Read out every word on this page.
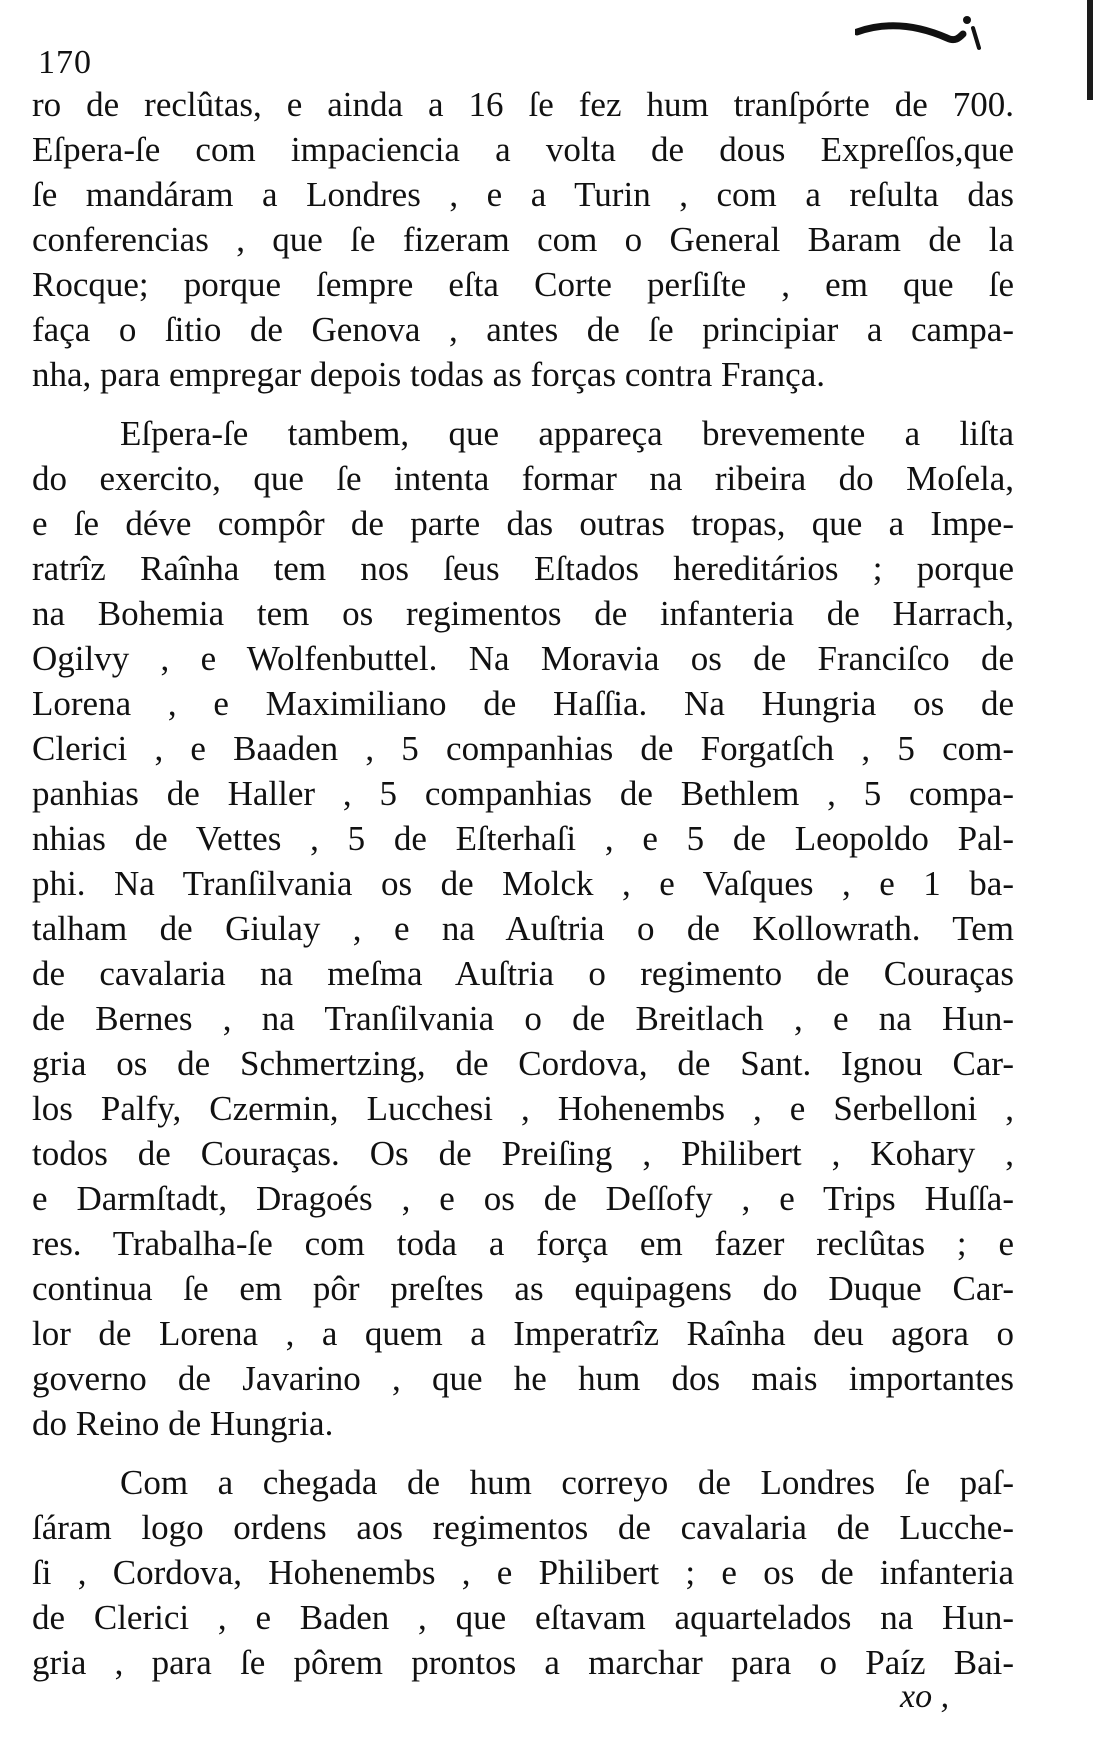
170
ro de reclûtas, e ainda a 16 ſe fez hum tranſpórte de 700.
Eſpera-ſe com impaciencia a volta de dous Expreſſos,que
ſe mandáram a Londres , e a Turin , com a reſulta das
conferencias , que ſe fizeram com o General Baram de la
Rocque; porque ſempre eſta Corte perſiſte , em que ſe
faça o ſitio de Genova , antes de ſe principiar a campa-
nha, para empregar depois todas as forças contra França.
Eſpera-ſe tambem, que appareça brevemente a liſta
do exercito, que ſe intenta formar na ribeira do Moſela,
e ſe déve compôr de parte das outras tropas, que a Impe-
ratrîz Raînha tem nos ſeus Eſtados hereditários ; porque
na Bohemia tem os regimentos de infanteria de Harrach,
Ogilvy , e Wolfenbuttel. Na Moravia os de Franciſco de
Lorena , e Maximiliano de Haſſia. Na Hungria os de
Clerici , e Baaden , 5 companhias de Forgatſch , 5 com-
panhias de Haller , 5 companhias de Bethlem , 5 compa-
nhias de Vettes , 5 de Eſterhaſi , e 5 de Leopoldo Pal-
phi. Na Tranſilvania os de Molck , e Vaſques , e 1 ba-
talham de Giulay , e na Auſtria o de Kollowrath. Tem
de cavalaria na meſma Auſtria o regimento de Couraças
de Bernes , na Tranſilvania o de Breitlach , e na Hun-
gria os de Schmertzing, de Cordova, de Sant. Ignou Car-
los Palfy, Czermin, Lucchesi , Hohenembs , e Serbelloni ,
todos de Couraças. Os de Preiſing , Philibert , Kohary ,
e Darmſtadt, Dragoés , e os de Deſſofy , e Trips Huſſa-
res. Trabalha-ſe com toda a força em fazer reclûtas ; e
continua ſe em pôr preſtes as equipagens do Duque Car-
lor de Lorena , a quem a Imperatrîz Raînha deu agora o
governo de Javarino , que he hum dos mais importantes
do Reino de Hungria.
Com a chegada de hum correyo de Londres ſe paſ-
ſáram logo ordens aos regimentos de cavalaria de Lucche-
ſi , Cordova, Hohenembs , e Philibert ; e os de infanteria
de Clerici , e Baden , que eſtavam aquartelados na Hun-
gria , para ſe pôrem prontos a marchar para o Paíz Bai-
xo ,
